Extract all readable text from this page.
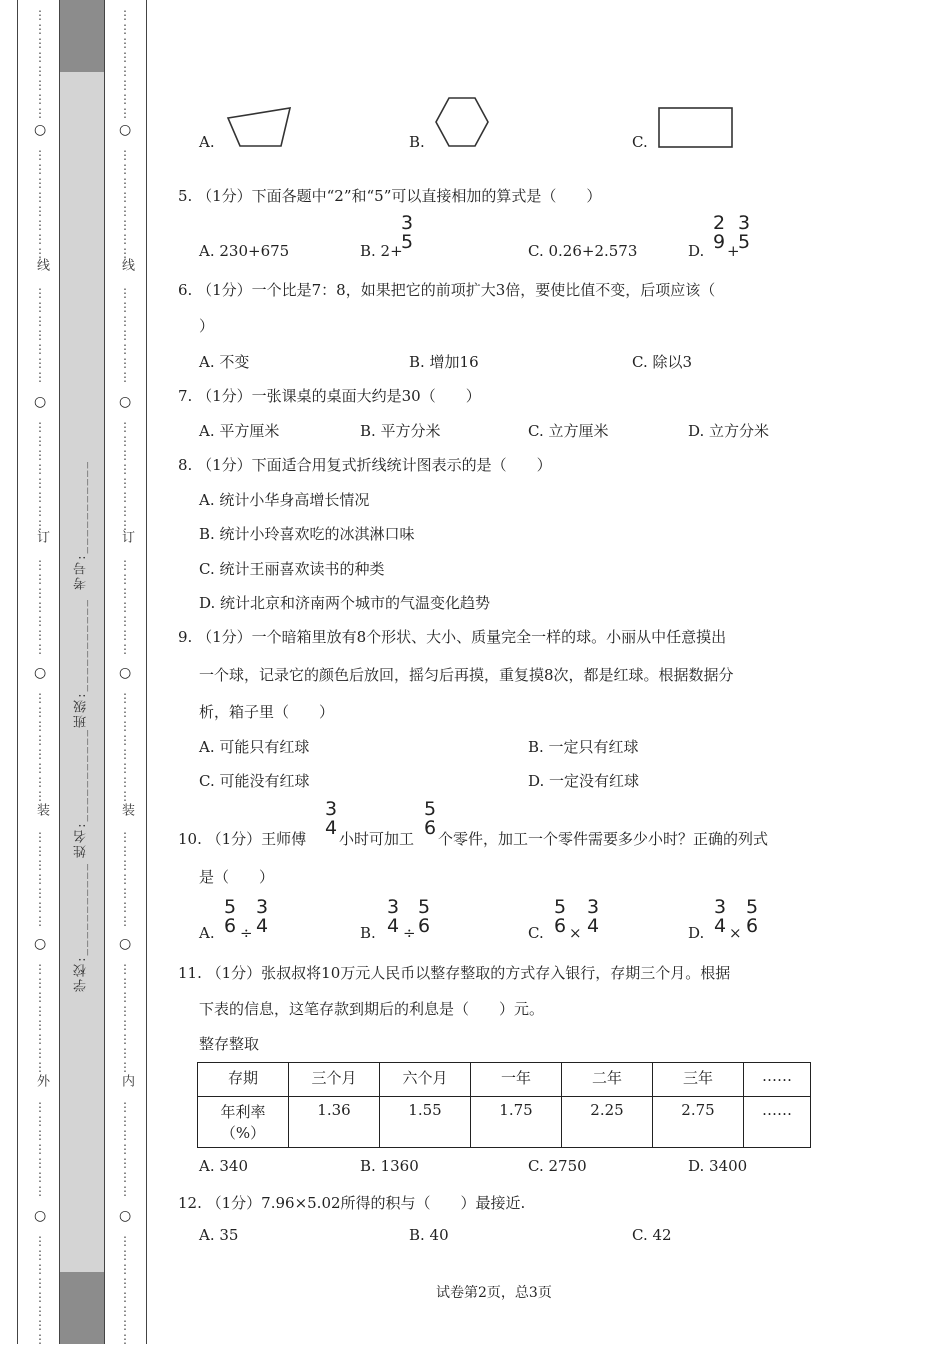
学校:___________
姓名:___________
班级:___________
考号:___________
⋮
⋮
⋮
⋮
⋮
⋮
⋮
⋮
○
⋮
⋮
⋮
⋮
⋮
⋮
⋮
⋮
线
⋮
⋮
⋮
⋮
⋮
⋮
⋮
○
⋮
⋮
⋮
⋮
⋮
⋮
⋮
⋮
订
⋮
⋮
⋮
⋮
⋮
⋮
⋮
○
⋮
⋮
⋮
⋮
⋮
⋮
⋮
⋮
装
⋮
⋮
⋮
⋮
⋮
⋮
⋮
○
⋮
⋮
⋮
⋮
⋮
⋮
⋮
⋮
外
⋮
⋮
⋮
⋮
⋮
⋮
⋮
○
⋮
⋮
⋮
⋮
⋮
⋮
⋮
⋮
⋮
⋮
⋮
⋮
⋮
⋮
⋮
⋮
○
⋮
⋮
⋮
⋮
⋮
⋮
⋮
⋮
线
⋮
⋮
⋮
⋮
⋮
⋮
⋮
○
⋮
⋮
⋮
⋮
⋮
⋮
⋮
⋮
订
⋮
⋮
⋮
⋮
⋮
⋮
⋮
○
⋮
⋮
⋮
⋮
⋮
⋮
⋮
⋮
装
⋮
⋮
⋮
⋮
⋮
⋮
⋮
○
⋮
⋮
⋮
⋮
⋮
⋮
⋮
⋮
内
⋮
⋮
⋮
⋮
⋮
⋮
⋮
○
⋮
⋮
⋮
⋮
⋮
⋮
⋮
⋮
A.	B.	C.
5. （1分）下面各题中“2”和“5”可以直接相加的算式是（　　）
A. 230+675	B. 2+
3
5	C. 0.26+2.573	D.
2
9 +
3
5
6. （1分）一个比是7：8，如果把它的前项扩大3倍，要使比值不变，后项应该（
）
A. 不变	B. 增加16	C. 除以3
7. （1分）一张课桌的桌面大约是30（　　）
A. 平方厘米	B. 平方分米	C. 立方厘米	D. 立方分米
8. （1分）下面适合用复式折线统计图表示的是（　　）
A. 统计小华身高增长情况
B. 统计小玲喜欢吃的冰淇淋口味
C. 统计王丽喜欢读书的种类
D. 统计北京和济南两个城市的气温变化趋势
9. （1分）一个暗箱里放有8个形状、大小、质量完全一样的球。小丽从中任意摸出
一个球，记录它的颜色后放回，摇匀后再摸，重复摸8次，都是红球。根据数据分
析，箱子里（　　）
A. 可能只有红球	B. 一定只有红球
C. 可能没有红球	D. 一定没有红球
10. （1分）王师傅
3
4 小时可加工
5
6 个零件，加工一个零件需要多少小时？正确的列式
是（　　）
A.
5
6 ÷
3
4	B.
3
4 ÷
5
6	C.
5
6 ×
3
4	D.
3
4 ×
5
6
11. （1分）张叔叔将10万元人民币以整存整取的方式存入银行，存期三个月。根据
下表的信息，这笔存款到期后的利息是（　　）元。
整存整取
存期	三个月	六个月	一年	二年	三年	……
年利率
（%）	1.36	1.55	1.75	2.25	2.75	……
A. 340	B. 1360	C. 2750	D. 3400
12. （1分）7.96×5.02所得的积与（　　）最接近.
A. 35	B. 40	C. 42
试卷第2页，总3页
